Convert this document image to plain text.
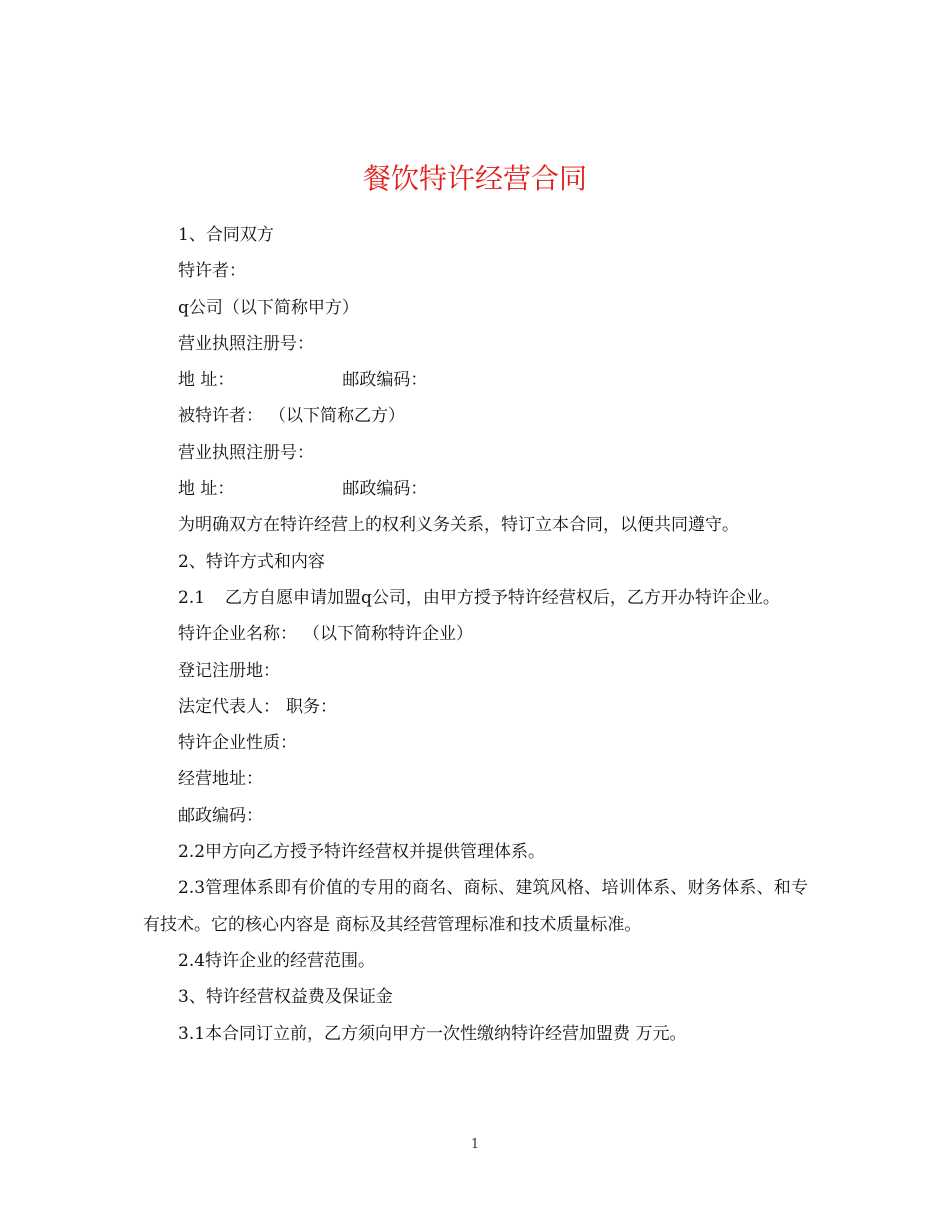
餐饮特许经营合同

1、合同双方

特许者：

q公司（以下简称甲方）

营业执照注册号：

地 址：	邮政编码：

被特许者： （以下简称乙方）

营业执照注册号：

地 址：	邮政编码：

为明确双方在特许经营上的权利义务关系，特订立本合同，以便共同遵守。

2、特许方式和内容

2.1 乙方自愿申请加盟q公司，由甲方授予特许经营权后，乙方开办特许企业。

特许企业名称： （以下简称特许企业）

登记注册地：

法定代表人： 职务：

特许企业性质：

经营地址：

邮政编码：

2.2甲方向乙方授予特许经营权并提供管理体系。

2.3管理体系即有价值的专用的商名、商标、建筑风格、培训体系、财务体系、和专有技术。它的核心内容是 商标及其经营管理标准和技术质量标准。

2.4特许企业的经营范围。

3、特许经营权益费及保证金

3.1本合同订立前，乙方须向甲方一次性缴纳特许经营加盟费 万元。

1
